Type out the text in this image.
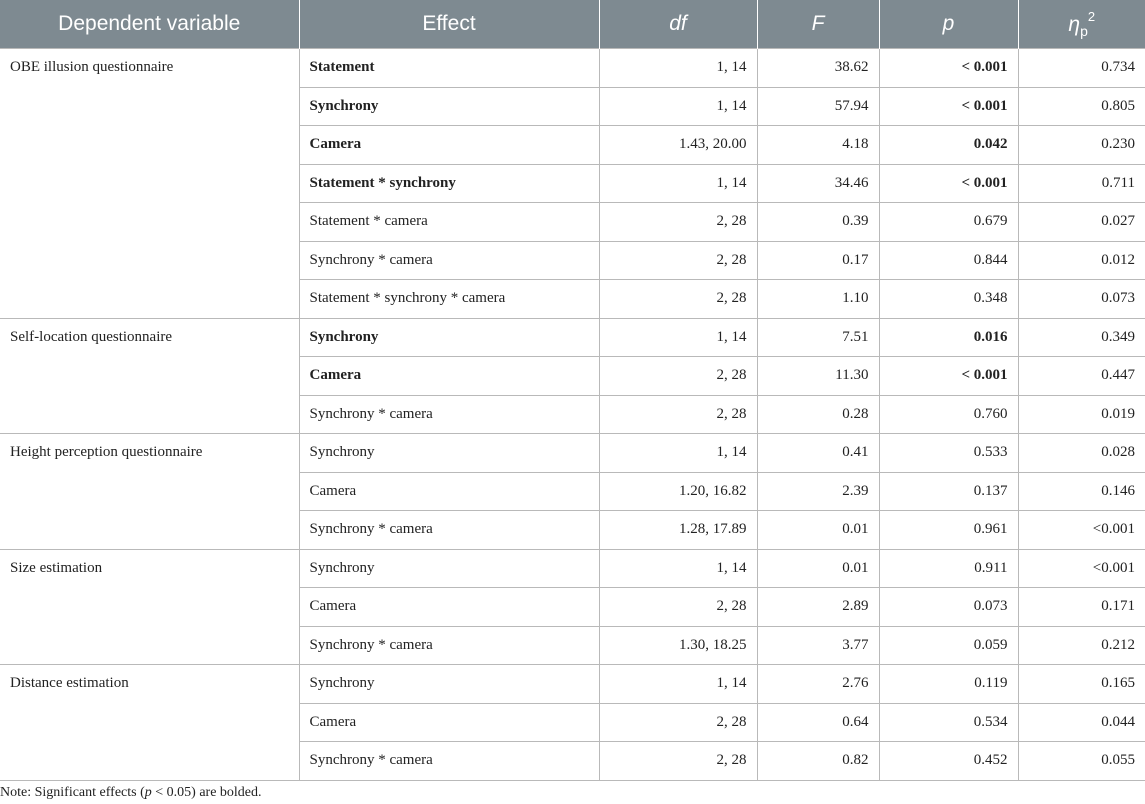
Dependent variable	Effect	df	F	p	$\eta_p^2$
OBE illusion questionnaire	Statement	1, 14	38.62	< 0.001	0.734
	Synchrony	1, 14	57.94	< 0.001	0.805
	Camera	1.43, 20.00	4.18	0.042	0.230
	Statement * synchrony	1, 14	34.46	< 0.001	0.711
	Statement * camera	2, 28	0.39	0.679	0.027
	Synchrony * camera	2, 28	0.17	0.844	0.012
	Statement * synchrony * camera	2, 28	1.10	0.348	0.073
Self-location questionnaire	Synchrony	1, 14	7.51	0.016	0.349
	Camera	2, 28	11.30	< 0.001	0.447
	Synchrony * camera	2, 28	0.28	0.760	0.019
Height perception questionnaire	Synchrony	1, 14	0.41	0.533	0.028
	Camera	1.20, 16.82	2.39	0.137	0.146
	Synchrony * camera	1.28, 17.89	0.01	0.961	<0.001
Size estimation	Synchrony	1, 14	0.01	0.911	<0.001
	Camera	2, 28	2.89	0.073	0.171
	Synchrony * camera	1.30, 18.25	3.77	0.059	0.212
Distance estimation	Synchrony	1, 14	2.76	0.119	0.165
	Camera	2, 28	0.64	0.534	0.044
	Synchrony * camera	2, 28	0.82	0.452	0.055
Note: Significant effects (p < 0.05) are bolded.
